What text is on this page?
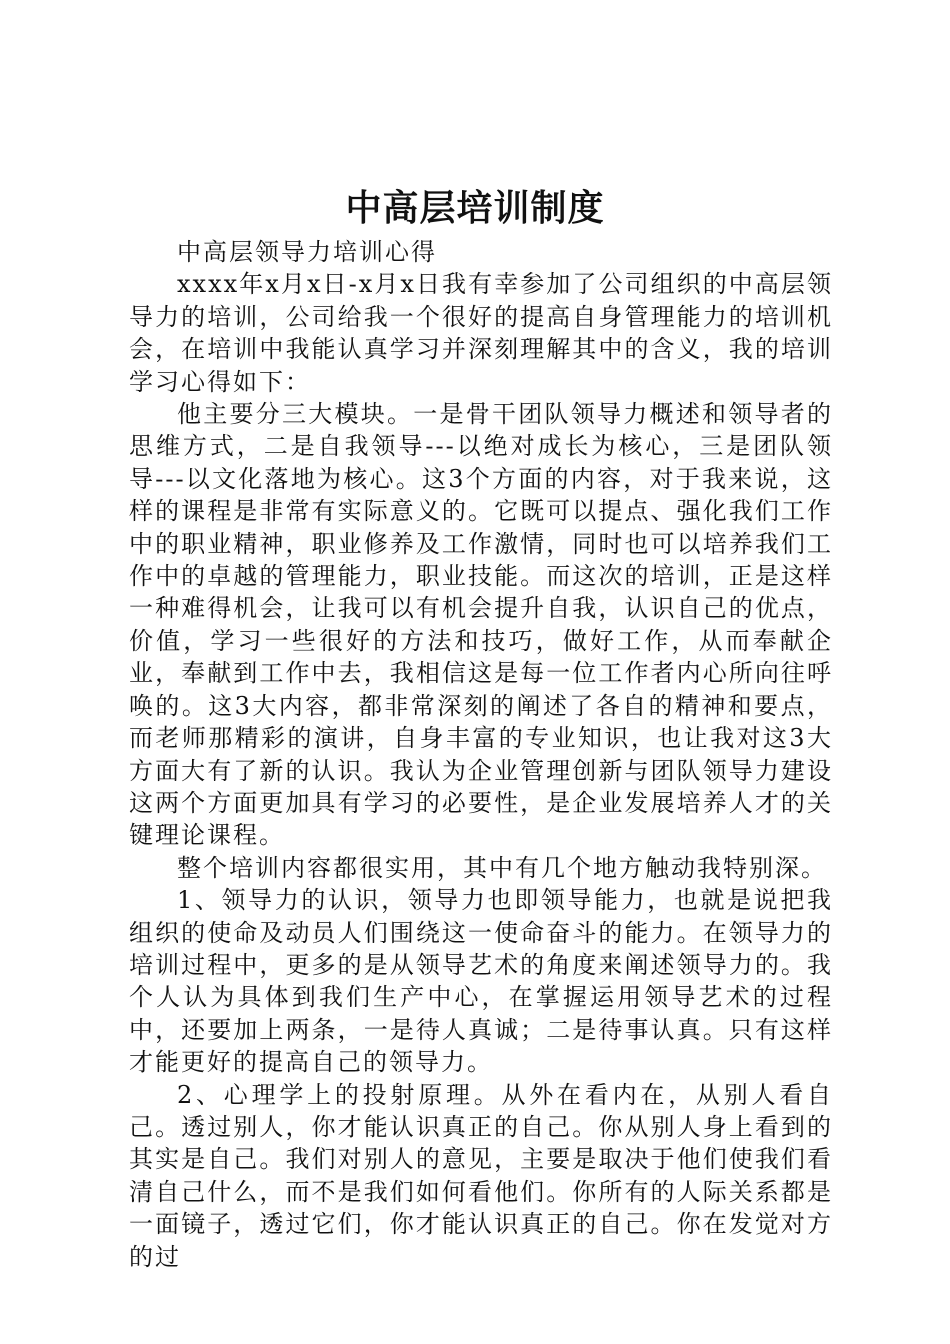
中高层培训制度

中高层领导力培训心得

xxxx年x月x日-x月x日我有幸参加了公司组织的中高层领导力的培训，公司给我一个很好的提高自身管理能力的培训机会，在培训中我能认真学习并深刻理解其中的含义，我的培训学习心得如下：

他主要分三大模块。一是骨干团队领导力概述和领导者的思维方式，二是自我领导---以绝对成长为核心，三是团队领导---以文化落地为核心。这3个方面的内容，对于我来说，这样的课程是非常有实际意义的。它既可以提点、强化我们工作中的职业精神，职业修养及工作激情，同时也可以培养我们工作中的卓越的管理能力，职业技能。而这次的培训，正是这样一种难得机会，让我可以有机会提升自我，认识自己的优点，价值，学习一些很好的方法和技巧，做好工作，从而奉献企业，奉献到工作中去，我相信这是每一位工作者内心所向往呼唤的。这3大内容，都非常深刻的阐述了各自的精神和要点，而老师那精彩的演讲，自身丰富的专业知识，也让我对这3大方面大有了新的认识。我认为企业管理创新与团队领导力建设这两个方面更加具有学习的必要性，是企业发展培养人才的关键理论课程。

整个培训内容都很实用，其中有几个地方触动我特别深。

1、领导力的认识，领导力也即领导能力，也就是说把我组织的使命及动员人们围绕这一使命奋斗的能力。在领导力的培训过程中，更多的是从领导艺术的角度来阐述领导力的。我个人认为具体到我们生产中心，在掌握运用领导艺术的过程中，还要加上两条，一是待人真诚；二是待事认真。只有这样才能更好的提高自己的领导力。

2、心理学上的投射原理。从外在看内在，从别人看自己。透过别人，你才能认识真正的自己。你从别人身上看到的其实是自己。我们对别人的意见，主要是取决于他们使我们看清自己什么，而不是我们如何看他们。你所有的人际关系都是一面镜子，透过它们，你才能认识真正的自己。你在发觉对方的过
